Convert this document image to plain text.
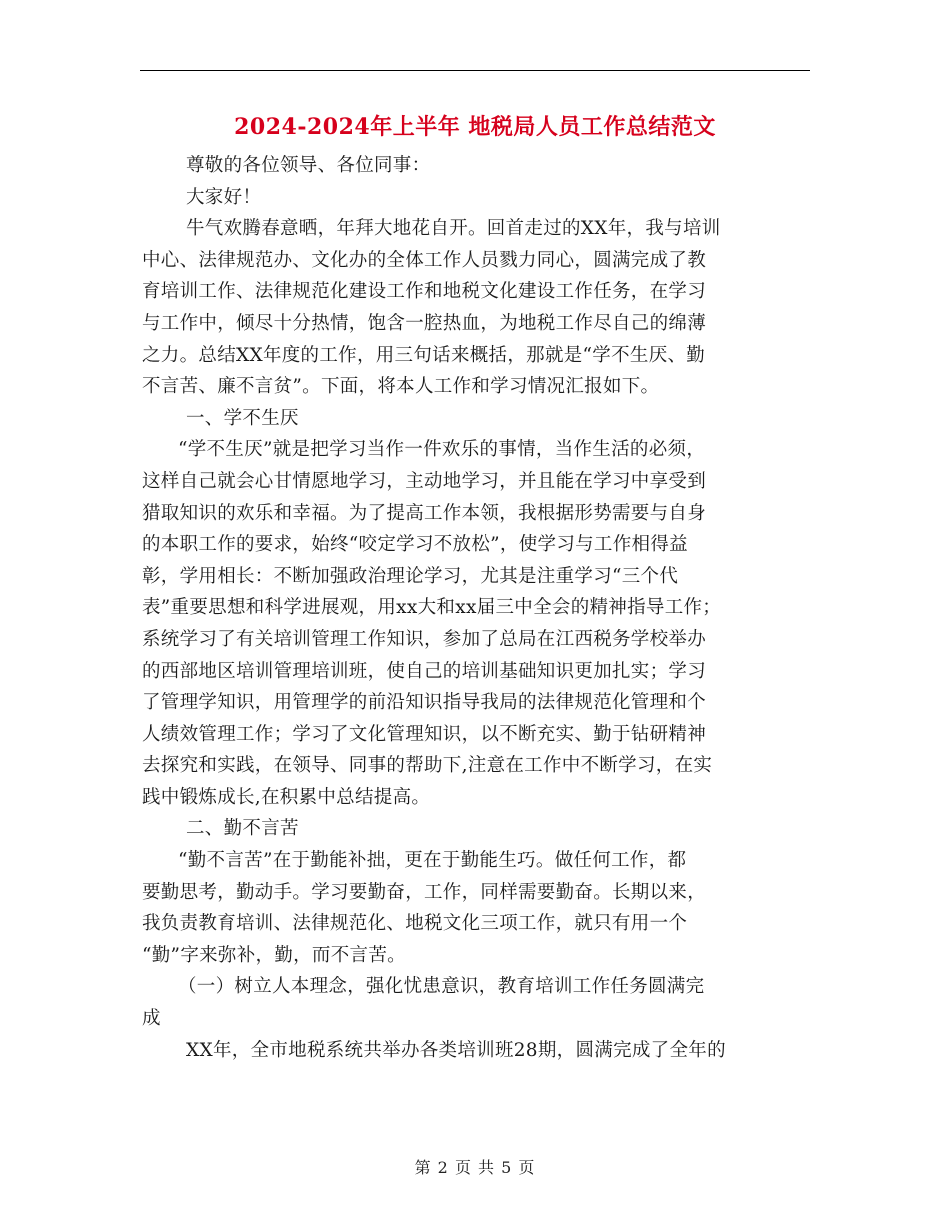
2024-2024年上半年 地税局人员工作总结范文
尊敬的各位领导、各位同事：
大家好！
牛气欢腾春意晒，年拜大地花自开。回首走过的XX年，我与培训
中心、法律规范办、文化办的全体工作人员戮力同心，圆满完成了教
育培训工作、法律规范化建设工作和地税文化建设工作任务，在学习
与工作中，倾尽十分热情，饱含一腔热血，为地税工作尽自己的绵薄
之力。总结XX年度的工作，用三句话来概括，那就是“学不生厌、勤
不言苦、廉不言贫”。下面，将本人工作和学习情况汇报如下。
一、学不生厌
“学不生厌”就是把学习当作一件欢乐的事情，当作生活的必须，
这样自己就会心甘情愿地学习，主动地学习，并且能在学习中享受到
猎取知识的欢乐和幸福。为了提高工作本领，我根据形势需要与自身
的本职工作的要求，始终“咬定学习不放松”，使学习与工作相得益
彰，学用相长：不断加强政治理论学习，尤其是注重学习“三个代
表”重要思想和科学进展观，用xx大和xx届三中全会的精神指导工作；
系统学习了有关培训管理工作知识，参加了总局在江西税务学校举办
的西部地区培训管理培训班，使自己的培训基础知识更加扎实；学习
了管理学知识，用管理学的前沿知识指导我局的法律规范化管理和个
人绩效管理工作；学习了文化管理知识，以不断充实、勤于钻研精神
去探究和实践，在领导、同事的帮助下,注意在工作中不断学习，在实
践中锻炼成长,在积累中总结提高。
二、勤不言苦
“勤不言苦”在于勤能补拙，更在于勤能生巧。做任何工作，都
要勤思考，勤动手。学习要勤奋，工作，同样需要勤奋。长期以来，
我负责教育培训、法律规范化、地税文化三项工作，就只有用一个
“勤”字来弥补，勤，而不言苦。
（一）树立人本理念，强化忧患意识，教育培训工作任务圆满完
成
XX年，全市地税系统共举办各类培训班28期，圆满完成了全年的
第 2 页 共 5 页
